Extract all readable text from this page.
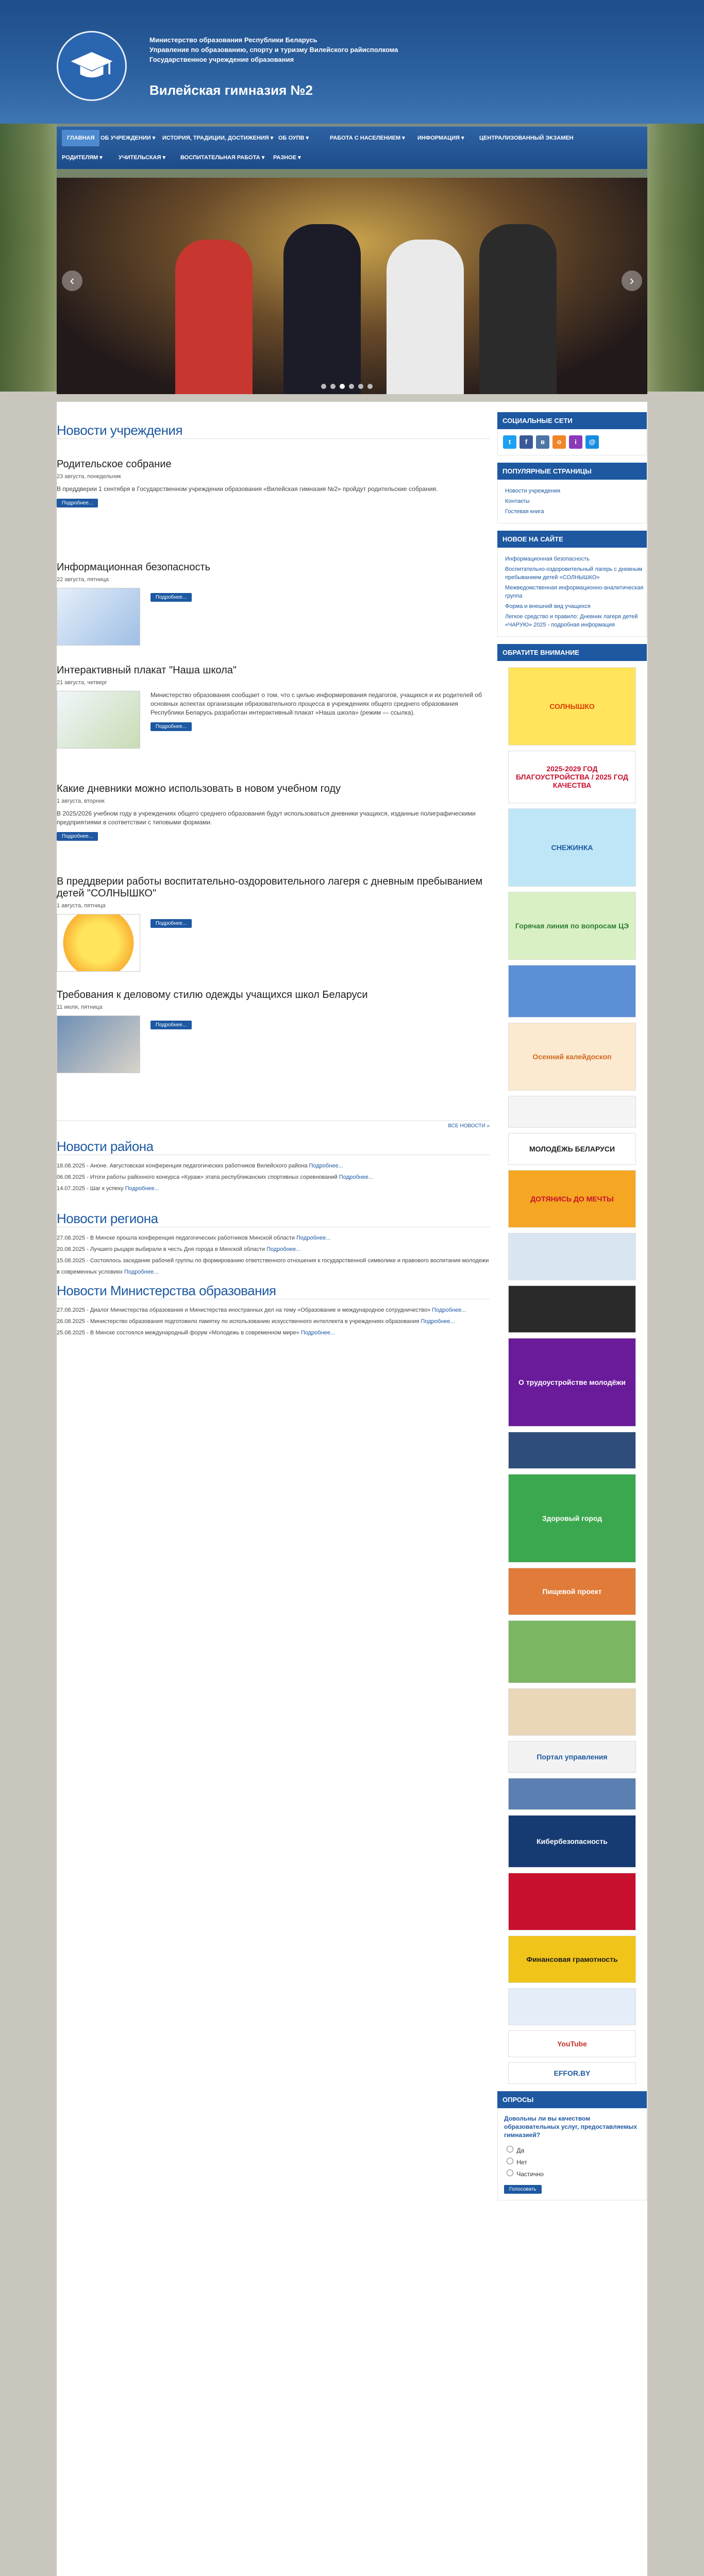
Министерство образования Республики Беларусь
Управление по образованию, спорту и туризму Вилейского райисполкома
Государственное учреждение образования
Вилейская гимназия №2
ГЛАВНАЯ	ОБ УЧРЕЖДЕНИИ ▾ ИСТОРИЯ, ТРАДИЦИИ, ДОСТИЖЕНИЯ ▾ ОБ ОУПВ ▾	РАБОТА С НАСЕЛЕНИЕМ ▾ ИНФОРМАЦИЯ ▾	ЦЕНТРАЛИЗОВАННЫЙ ЭКЗАМЕН
РОДИТЕЛЯМ ▾	УЧИТЕЛЬСКАЯ ▾	ВОСПИТАТЕЛЬНАЯ РАБОТА ▾ РАЗНОЕ ▾
‹	›
Новости учреждения
Родительское собрание
23 августа, понедельник

В преддверии 1 сентября в Государственном учреждении образования «Вилейская гимназия №2» пройдут родительские собрания.

Подробнее...
Информационная безопасность
22 августа, пятница
Подробнее...
Интерактивный плакат "Наша школа"
21 августа, четверг

Министерство образования сообщает о том, что с целью информирования педагогов, учащихся и их родителей об основных аспектах организации образовательного процесса в учреждениях общего среднего образования Республики Беларусь разработан интерактивный плакат «Наша школа» (режим — ссылка).

Подробнее...
Какие дневники можно использовать в новом учебном году
1 августа, вторник

В 2025/2026 учебном году в учреждениях общего среднего образования будут использоваться дневники учащихся, изданные полиграфическими предприятиями в соответствии с типовыми формами.

Подробнее...
В преддверии работы воспитательно-оздоровительного лагеря с дневным пребыванием детей "СОЛНЫШКО"
1 августа, пятница
Подробнее...
Требования к деловому стилю одежды учащихся школ Беларуси
11 июля, пятница
Подробнее...
ВСЕ НОВОСТИ »
Новости района
18.08.2025 - Аноне. Августовская конференция педагогических работников Вилейского района Подробнее...
06.08.2025 - Итоги работы районного конкурса «Кураж» этапа республиканских спортивных соревнований Подробнее...
14.07.2025 - Шаг к успеху Подробнее...
Новости региона
27.08.2025 - В Минске прошла конференция педагогических работников Минской области Подробнее...
20.08.2025 - Лучшего рыцаря выбирали в честь Дня города в Минской области Подробнее...
15.08.2025 - Состоялось заседание рабочей группы по формированию ответственного отношения к государственной символике и правового воспитания молодежи в современных условиях Подробнее...
Новости Министерства образования
27.08.2025 - Диалог Министерства образования и Министерства иностранных дел на тему «Образование и международное сотрудничество» Подробнее...
26.08.2025 - Министерство образования подготовило памятку по использованию искусственного интеллекта в учреждениях образования Подробнее...
25.08.2025 - В Минске состоялся международный форум «Молодежь в современном мире» Подробнее...
СОЦИАЛЬНЫЕ СЕТИ
t	f	в	о	i	@
ПОПУЛЯРНЫЕ СТРАНИЦЫ
Новости учреждения
Контакты
Гостевая книга
НОВОЕ НА САЙТЕ
Информационная безопасность
Воспитательно-оздоровительный лагерь с дневным пребыванием детей «СОЛНЫШКО»
Межведомственная информационно-аналитическая группа
Форма и внешний вид учащихся
Легкое средство и правило: Дневник лагеря детей «ЧАРУЮ» 2025 - подробная информация
ОБРАТИТЕ ВНИМАНИЕ
СОЛНЫШКО
2025-2029 ГОД БЛАГОУСТРОЙСТВА / 2025 ГОД КАЧЕСТВА
СНЕЖИНКА
Горячая линия по вопросам ЦЭ
Осенний калейдоскоп
МОЛОДЁЖЬ БЕЛАРУСИ
ДОТЯНИСЬ ДО МЕЧТЫ
О трудоустройстве молодёжи
Здоровый город
Пищевой проект
Портал управления
Кибербезопасность
Финансовая грамотность
YouTube
EFFOR.BY
ОПРОСЫ
Довольны ли вы качеством образовательных услуг, предоставляемых гимназией?
Да
Нет
Частично
Голосовать
